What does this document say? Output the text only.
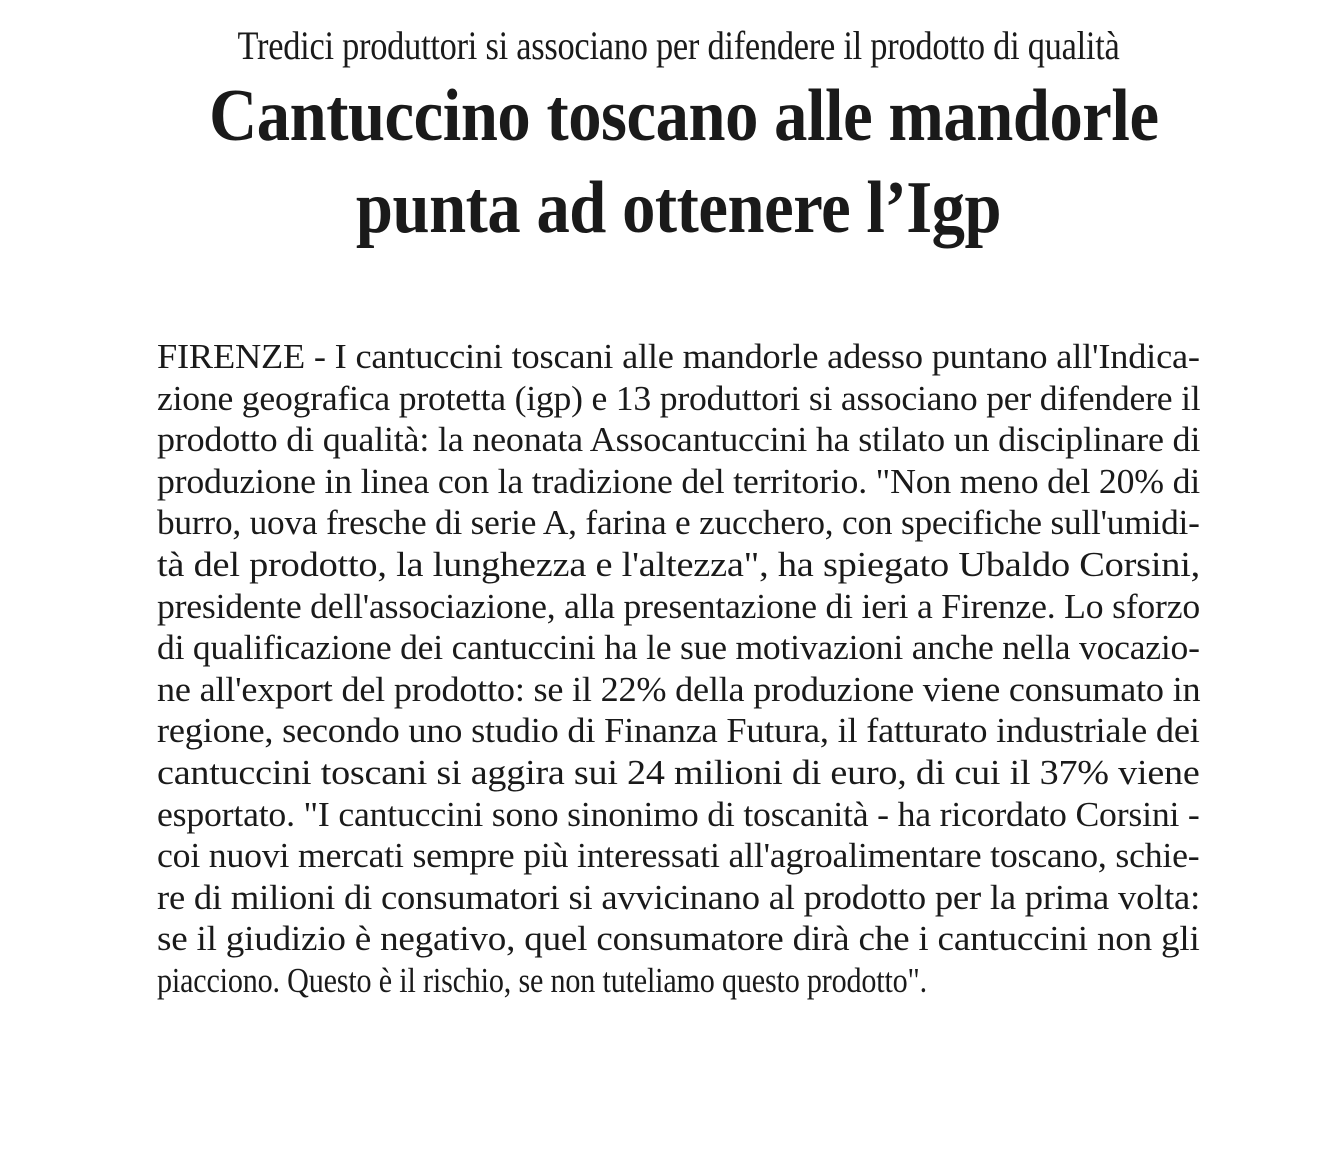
Tredici produttori si associano per difendere il prodotto di qualità
Cantuccino toscano alle mandorle
punta ad ottenere l’Igp
FIRENZE - I cantuccini toscani alle mandorle adesso puntano all'Indica-
zione geografica protetta (igp) e 13 produttori si associano per difendere il
prodotto di qualità: la neonata Assocantuccini ha stilato un disciplinare di
produzione in linea con la tradizione del territorio. "Non meno del 20% di
burro, uova fresche di serie A, farina e zucchero, con specifiche sull'umidi-
tà del prodotto, la lunghezza e l'altezza", ha spiegato Ubaldo Corsini,
presidente dell'associazione, alla presentazione di ieri a Firenze. Lo sforzo
di qualificazione dei cantuccini ha le sue motivazioni anche nella vocazio-
ne all'export del prodotto: se il 22% della produzione viene consumato in
regione, secondo uno studio di Finanza Futura, il fatturato industriale dei
cantuccini toscani si aggira sui 24 milioni di euro, di cui il 37% viene
esportato. "I cantuccini sono sinonimo di toscanità - ha ricordato Corsini -
coi nuovi mercati sempre più interessati all'agroalimentare toscano, schie-
re di milioni di consumatori si avvicinano al prodotto per la prima volta:
se il giudizio è negativo, quel consumatore dirà che i cantuccini non gli
piacciono. Questo è il rischio, se non tuteliamo questo prodotto".
